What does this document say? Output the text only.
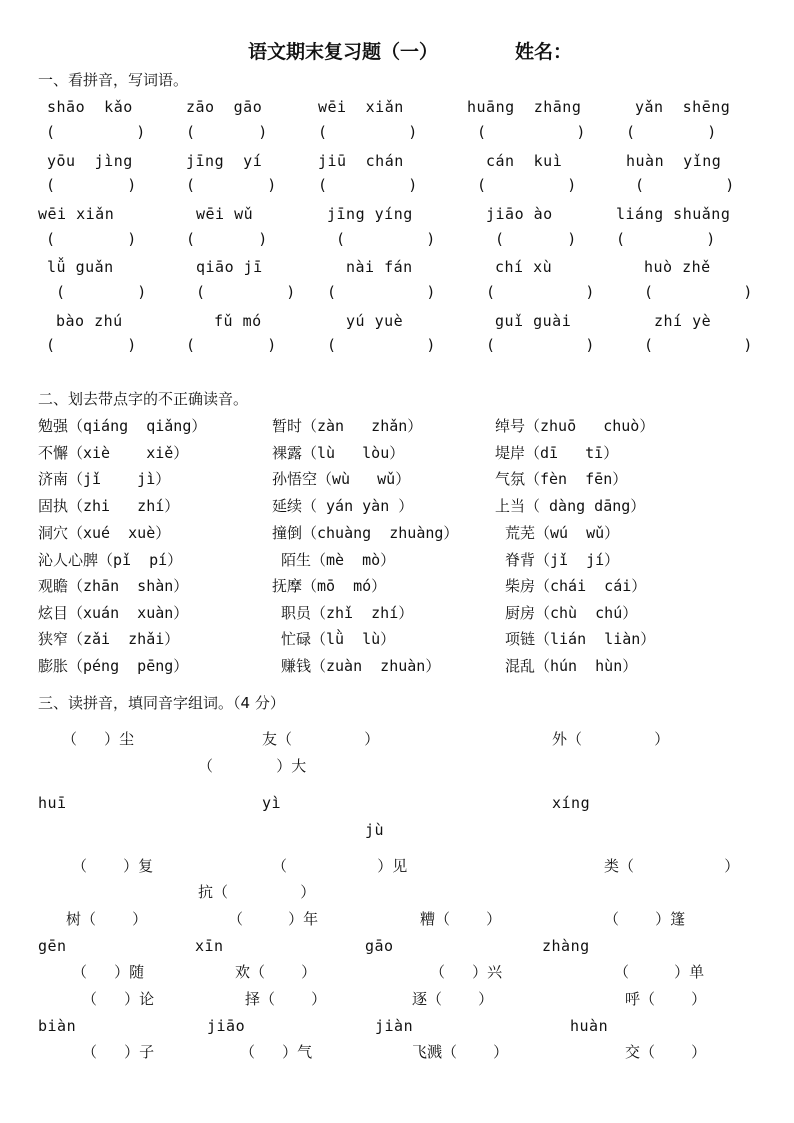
语文期末复习题（一）	姓名：
一、看拼音，写词语。
shāo  kǎo	zāo  gāo	wēi  xiǎn	huāng  zhāng	yǎn  shēng
(         )	(       )	(         )	(          )	(        )
yōu  jìng	jīng  yí	jiū  chán	cán  kuì	huàn  yǐng
(        )	(        )	(         )	(         )	(         )
wēi xiǎn	wēi wǔ	jīng yíng	jiāo ào	liáng shuǎng
(        )	(       )	(         )	(       )	(         )
lǚ guǎn	qiāo jī	nài fán	chí xù	huò zhě
(        )	(         ) (          )	(          )	(          )
bào zhú	fǔ mó	yú yuè	guǐ guài	zhí yè
(        )	(        )	(          )	(          )	(          )
二、划去带点字的不正确读音。
勉强（qiáng  qiǎng）	暂时（zàn   zhǎn）	绰号（zhuō   chuò）
不懈（xiè    xiě）	裸露（lù   lòu）	堤岸（dī   tī）
济南（jǐ    jì）	孙悟空（wù   wǔ）	气氛（fèn  fēn）
固执（zhi   zhí）	延续（ yán yàn ）	上当（ dàng dāng）
洞穴（xué  xuè）	撞倒（chuàng  zhuàng）	荒芜（wú  wǔ）
沁人心脾（pǐ  pí）	陌生（mè  mò）	脊背（jǐ  jí）
观瞻（zhān  shàn）	抚摩（mō  mó）	柴房（chái  cái）
炫目（xuán  xuàn）	职员（zhǐ  zhí）	厨房（chù  chú）
狭窄（zǎi  zhǎi）	忙碌（lǜ  lù）	项链（lián  liàn）
膨胀（péng  pēng）	赚钱（zuàn  zhuàn）	混乱（hún  hùn）
三、读拼音，填同音字组词。（4 分）
（   ）尘	友（        ）	外（        ）
（       ）大
huī	yì	xíng
jù
（    ）复	（          ）见	类（          ）
抗（        ）
树（    ）	（     ）年	糟（    ）	（    ）篷
gēn	xīn	gāo	zhàng
（   ）随	欢（    ）	（   ）兴	（     ）单
（   ）论	择（    ）	逐（    ）	呼（    ）
biàn	jiāo	jiàn	huàn
（   ）子	（   ）气	飞溅（    ）	交（    ）
